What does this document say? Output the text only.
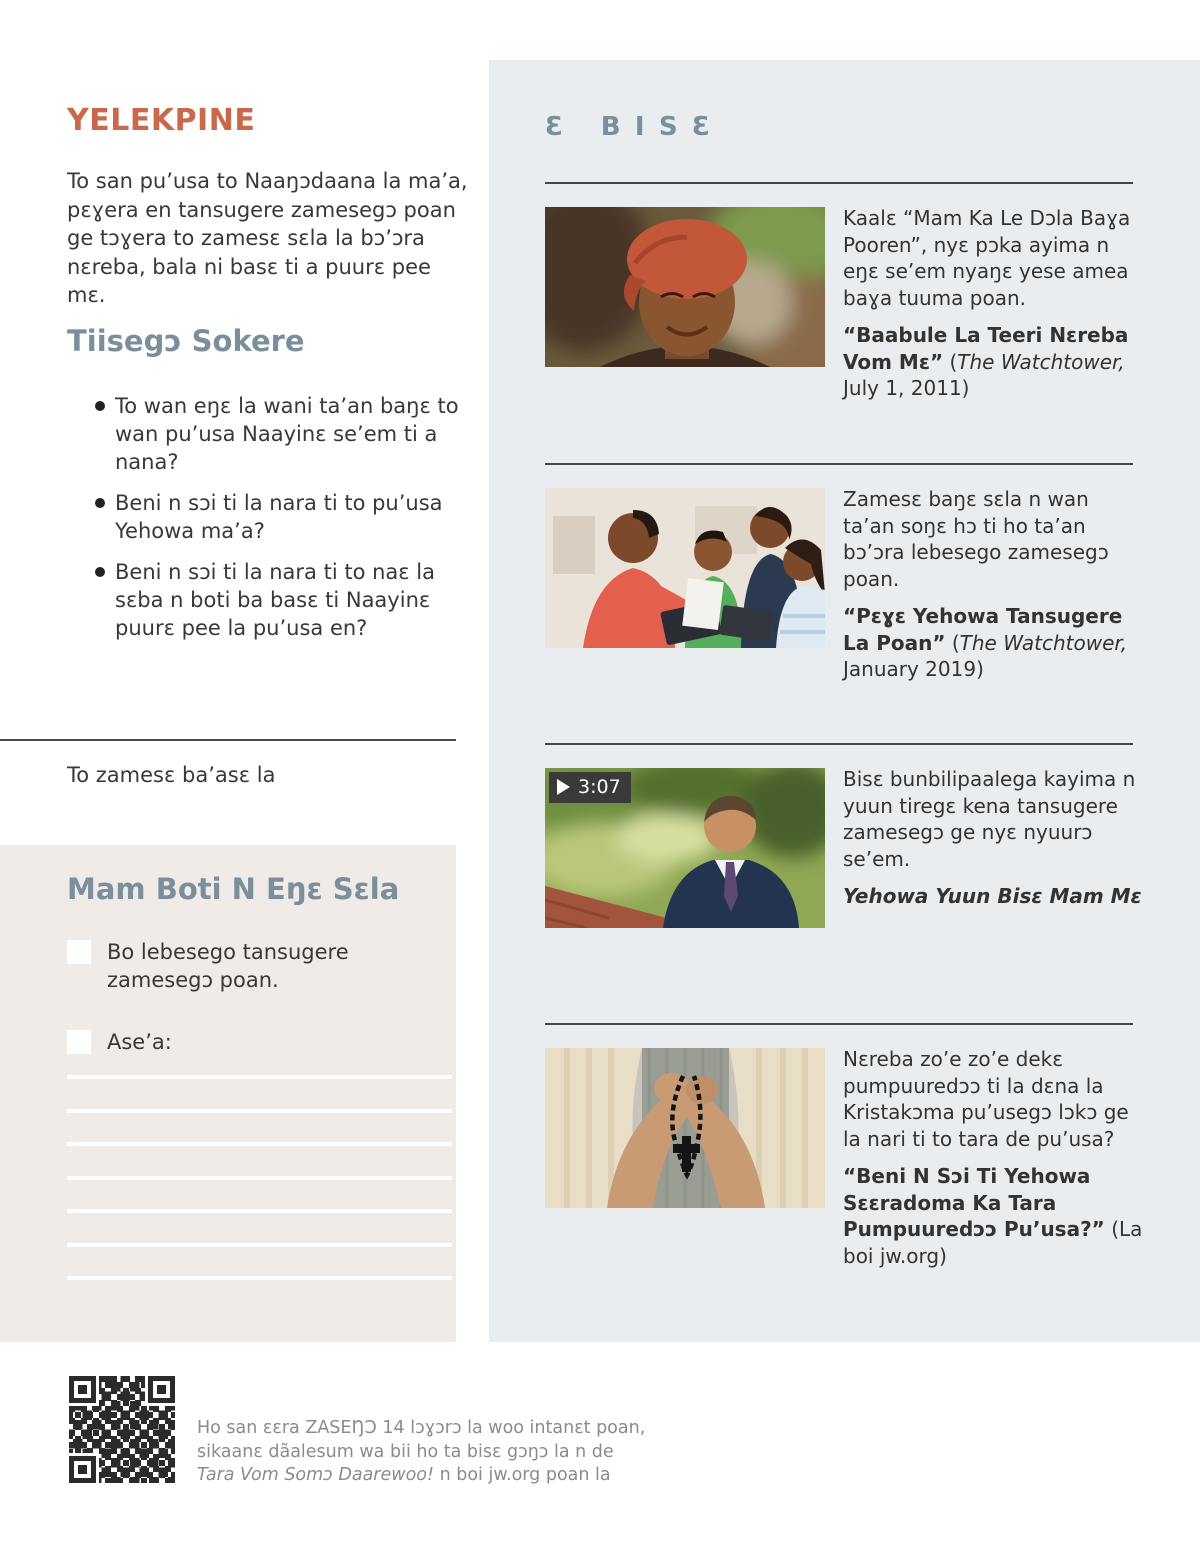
YELEKPINE

To san pu’usa to Naaŋɔdaana la ma’a, pɛɣera en tansugere zamesegɔ poan ge tɔɣera to zamesɛ sɛla la bɔ’ɔra nɛreba, bala ni basɛ ti a puurɛ pee mɛ.

Tiisegɔ Sokere
To wan eŋɛ la wani ta’an baŋɛ to wan pu’usa Naayinɛ se’em ti a nana?
Beni n sɔi ti la nara ti to pu’usa Yehowa ma’a?
Beni n sɔi ti la nara ti to naɛ la sɛba n boti ba basɛ ti Naayinɛ puurɛ pee la pu’usa en?

To zamesɛ ba’asɛ la

Mam Boti N Eŋɛ Sɛla
Bo lebesego tansugere zamesegɔ poan.
Ase’a:
Ɛ BISƐ

Kaalɛ “Mam Ka Le Dɔla Baɣa Pooren”, nyɛ pɔka ayima n eŋɛ se’em nyaŋɛ yese amea baɣa tuuma poan.

“Baabule La Teeri Nɛreba Vom Mɛ” (The Watchtower, July 1, 2011)

Zamesɛ baŋɛ sɛla n wan ta’an soŋɛ hɔ ti ho ta’an bɔ’ɔra lebesego zamesegɔ poan.

“Pɛɣɛ Yehowa Tansugere La Poan” (The Watchtower, January 2019)

3:07	Bisɛ bunbilipaalega kayima n yuun tiregɛ kena tansugere zamesegɔ ge nyɛ nyuurɔ se’em.

Yehowa Yuun Bisɛ Mam Mɛ

Nɛreba zo’e zo’e dekɛ pumpuuredɔɔ ti la dɛna la Kristakɔma pu’usegɔ lɔkɔ ge la nari ti to tara de pu’usa?

“Beni N Sɔi Ti Yehowa Sɛɛradoma Ka Tara Pumpuuredɔɔ Pu’usa?” (La boi jw.org)

Ho san ɛɛra ZASEŊƆ 14 lɔɣɔrɔ la woo intanɛt poan,
sikaanɛ dãalesum wa bii ho ta bisɛ gɔŋɔ la n de
Tara Vom Somɔ Daarewoo! n boi jw.org poan la
